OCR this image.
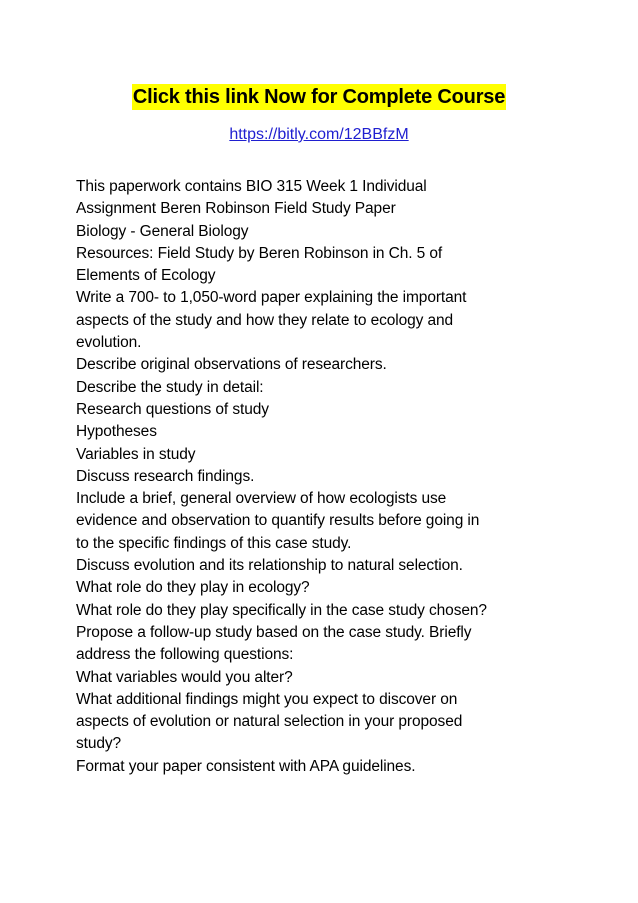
Click this link Now for Complete Course
https://bitly.com/12BBfzM
This paperwork contains BIO 315 Week 1 Individual
Assignment Beren Robinson Field Study Paper
Biology - General Biology
Resources: Field Study by Beren Robinson in Ch. 5 of
Elements of Ecology
Write a 700- to 1,050-word paper explaining the important
aspects of the study and how they relate to ecology and
evolution.
Describe original observations of researchers.
Describe the study in detail:
Research questions of study
Hypotheses
Variables in study
Discuss research findings.
Include a brief, general overview of how ecologists use
evidence and observation to quantify results before going in
to the specific findings of this case study.
Discuss evolution and its relationship to natural selection.
What role do they play in ecology?
What role do they play specifically in the case study chosen?
Propose a follow-up study based on the case study. Briefly
address the following questions:
What variables would you alter?
What additional findings might you expect to discover on
aspects of evolution or natural selection in your proposed
study?
Format your paper consistent with APA guidelines.
